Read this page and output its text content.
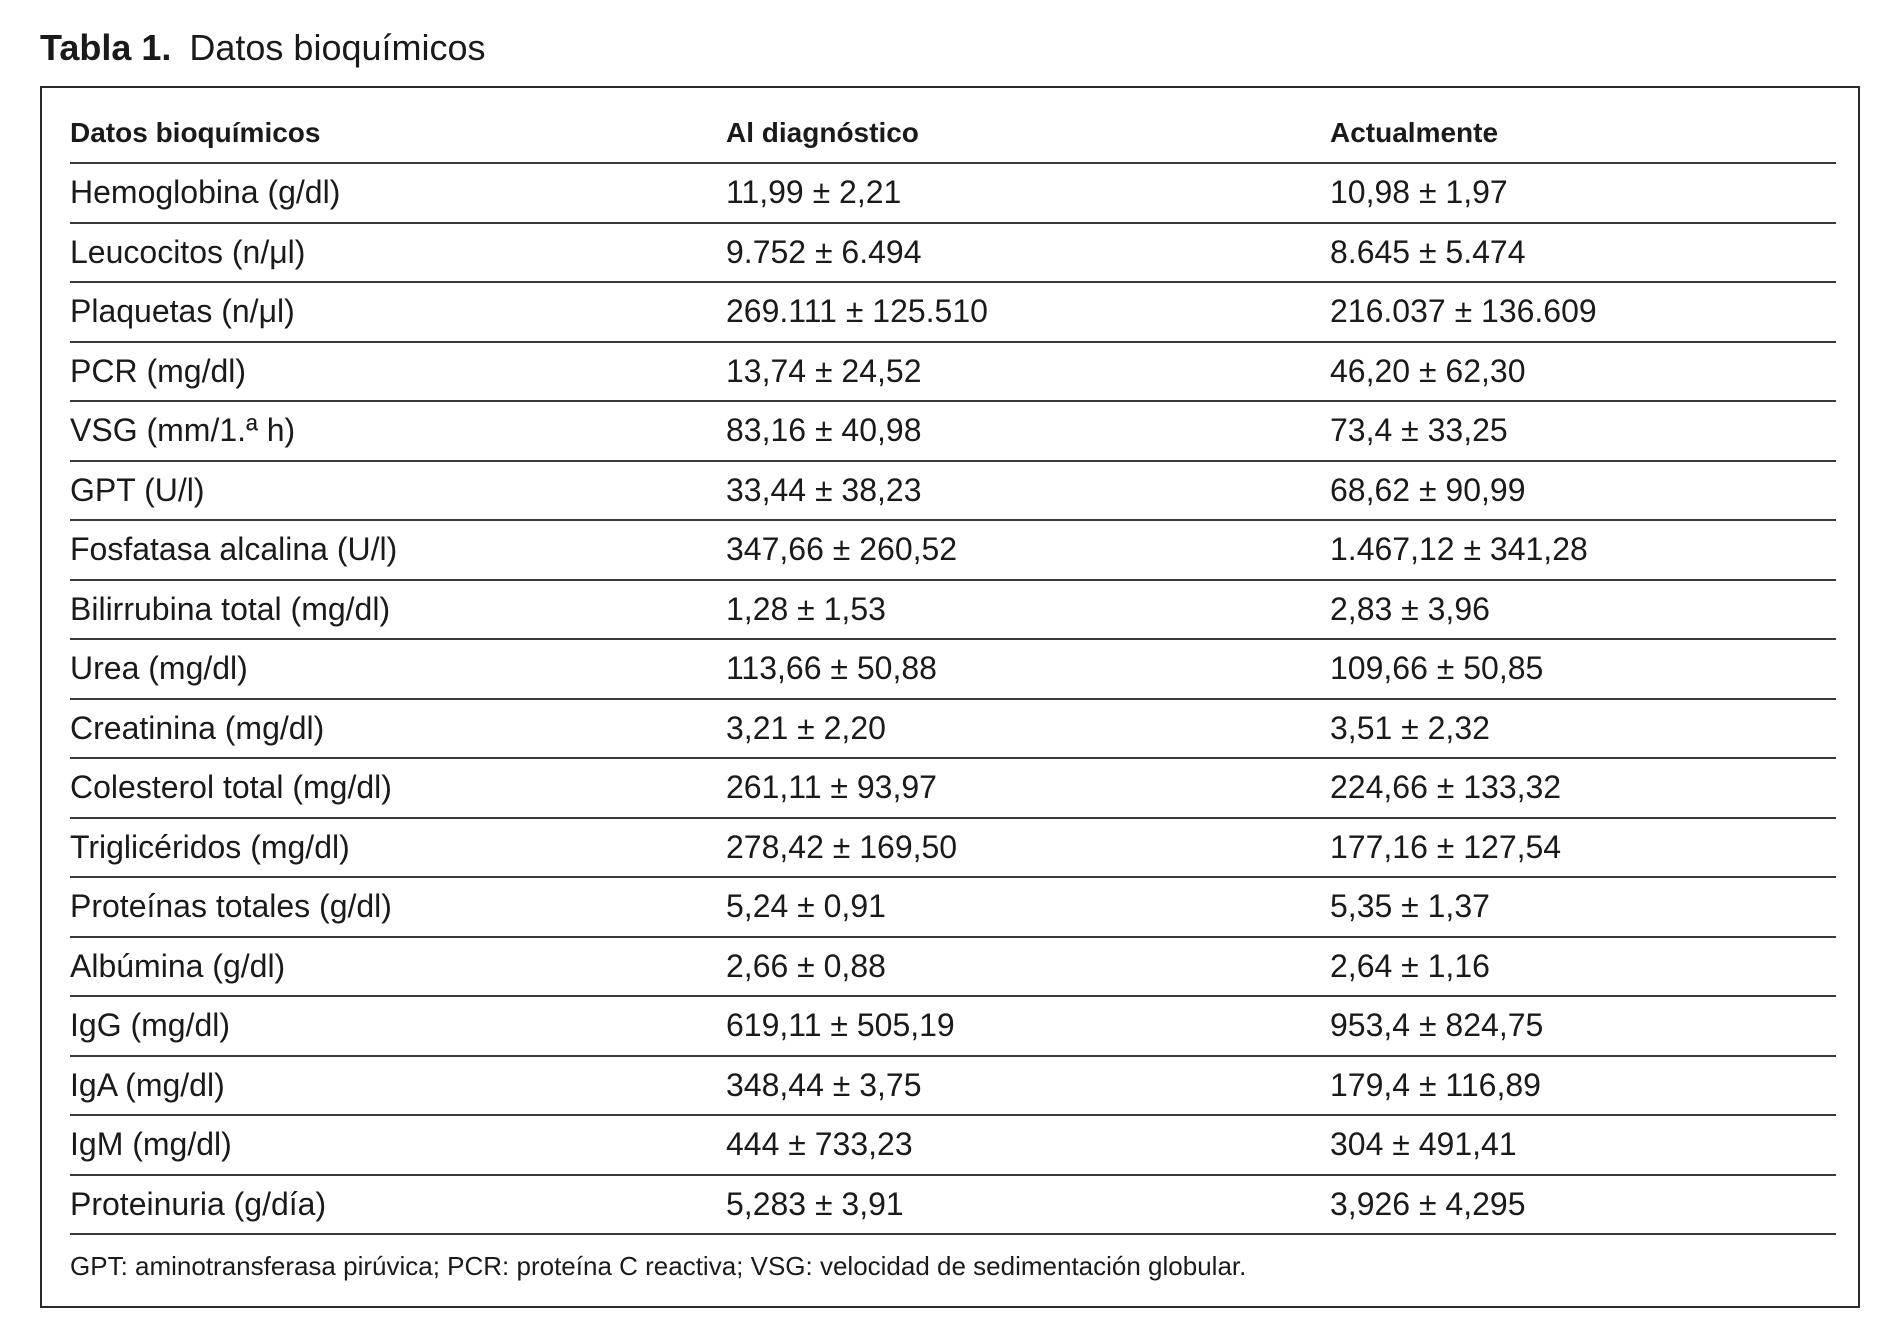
Tabla 1. Datos bioquímicos
Datos bioquímicos	Al diagnóstico	Actualmente
Hemoglobina (g/dl)	11,99 ± 2,21	10,98 ± 1,97
Leucocitos (n/μl)	9.752 ± 6.494	8.645 ± 5.474
Plaquetas (n/μl)	269.111 ± 125.510	216.037 ± 136.609
PCR (mg/dl)	13,74 ± 24,52	46,20 ± 62,30
VSG (mm/1.ª h)	83,16 ± 40,98	73,4 ± 33,25
GPT (U/l)	33,44 ± 38,23	68,62 ± 90,99
Fosfatasa alcalina (U/l)	347,66 ± 260,52	1.467,12 ± 341,28
Bilirrubina total (mg/dl)	1,28 ± 1,53	2,83 ± 3,96
Urea (mg/dl)	113,66 ± 50,88	109,66 ± 50,85
Creatinina (mg/dl)	3,21 ± 2,20	3,51 ± 2,32
Colesterol total (mg/dl)	261,11 ± 93,97	224,66 ± 133,32
Triglicéridos (mg/dl)	278,42 ± 169,50	177,16 ± 127,54
Proteínas totales (g/dl)	5,24 ± 0,91	5,35 ± 1,37
Albúmina (g/dl)	2,66 ± 0,88	2,64 ± 1,16
IgG (mg/dl)	619,11 ± 505,19	953,4 ± 824,75
IgA (mg/dl)	348,44 ± 3,75	179,4 ± 116,89
IgM (mg/dl)	444 ± 733,23	304 ± 491,41
Proteinuria (g/día)	5,283 ± 3,91	3,926 ± 4,295
GPT: aminotransferasa pirúvica; PCR: proteína C reactiva; VSG: velocidad de sedimentación globular.
